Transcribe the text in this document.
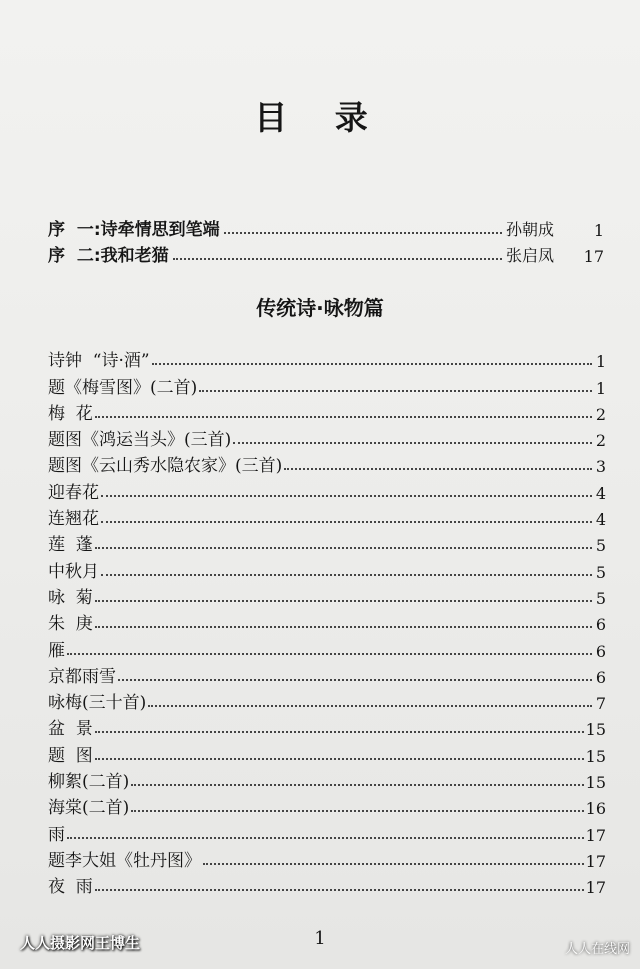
目 录
序  一:诗牵情思到笔端	孙朝成	1
序  二:我和老猫	张启凤	17
传统诗·咏物篇
诗钟  “诗·酒”	1
题《梅雪图》(二首)	1
梅  花	2
题图《鸿运当头》(三首)	2
题图《云山秀水隐农家》(三首)	3
迎春花	4
连翘花	4
莲  蓬	5
中秋月	5
咏  菊	5
朱  庚	6
雁	6
京都雨雪	6
咏梅(三十首)	7
盆  景	15
题  图	15
柳絮(二首)	15
海棠(二首)	16
雨	17
题李大姐《牡丹图》	17
夜  雨	17
1
人人摄影网王博生	人人在线网
